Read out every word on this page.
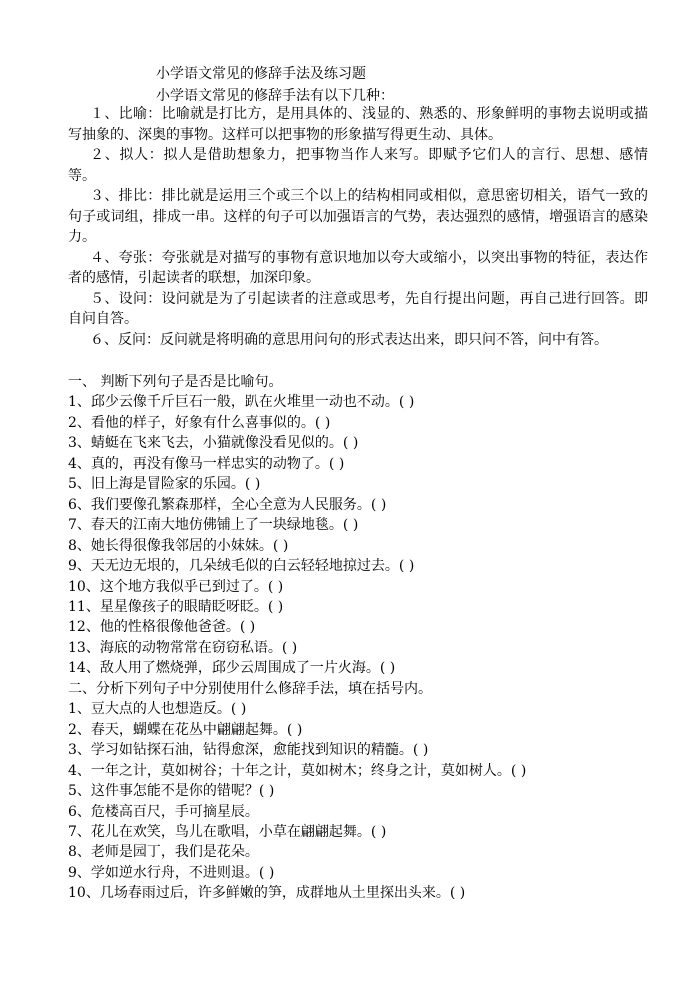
小学语文常见的修辞手法及练习题
小学语文常见的修辞手法有以下几种：

１、比喻：比喻就是打比方，是用具体的、浅显的、熟悉的、形象鲜明的事物去说明或描写抽象的、深奥的事物。这样可以把事物的形象描写得更生动、具体。

２、拟人：拟人是借助想象力，把事物当作人来写。即赋予它们人的言行、思想、感情等。

３、排比：排比就是运用三个或三个以上的结构相同或相似，意思密切相关，语气一致的句子或词组，排成一串。这样的句子可以加强语言的气势，表达强烈的感情，增强语言的感染力。

４、夸张：夸张就是对描写的事物有意识地加以夸大或缩小，以突出事物的特征，表达作者的感情，引起读者的联想，加深印象。

５、设问：设问就是为了引起读者的注意或思考，先自行提出问题，再自己进行回答。即自问自答。

６、反问：反问就是将明确的意思用问句的形式表达出来，即只问不答，问中有答。

一、 判断下列句子是否是比喻句。
1、邱少云像千斤巨石一般，趴在火堆里一动也不动。( )
2、看他的样子，好象有什么喜事似的。( )
3、蜻蜓在飞来飞去，小猫就像没看见似的。( )
4、真的，再没有像马一样忠实的动物了。( )
5、旧上海是冒险家的乐园。( )
6、我们要像孔繁森那样，全心全意为人民服务。( )
7、春天的江南大地仿佛铺上了一块绿地毯。( )
8、她长得很像我邻居的小妹妹。( )
9、天无边无垠的，几朵绒毛似的白云轻轻地掠过去。( )
10、这个地方我似乎已到过了。( )
11、星星像孩子的眼睛眨呀眨。( )
12、他的性格很像他爸爸。( )
13、海底的动物常常在窃窃私语。( )
14、敌人用了燃烧弹，邱少云周围成了一片火海。( )
二、分析下列句子中分别使用什么修辞手法，填在括号内。
1、豆大点的人也想造反。( )
2、春天，蝴蝶在花丛中翩翩起舞。( )
3、学习如钻探石油，钻得愈深，愈能找到知识的精髓。( )
4、一年之计，莫如树谷；十年之计，莫如树木；终身之计，莫如树人。( )
5、这件事怎能不是你的错呢？( )
6、危楼高百尺，手可摘星辰。
7、花儿在欢笑，鸟儿在歌唱，小草在翩翩起舞。( )
8、老师是园丁，我们是花朵。
9、学如逆水行舟，不进则退。( )
10、几场春雨过后，许多鲜嫩的笋，成群地从土里探出头来。( )
